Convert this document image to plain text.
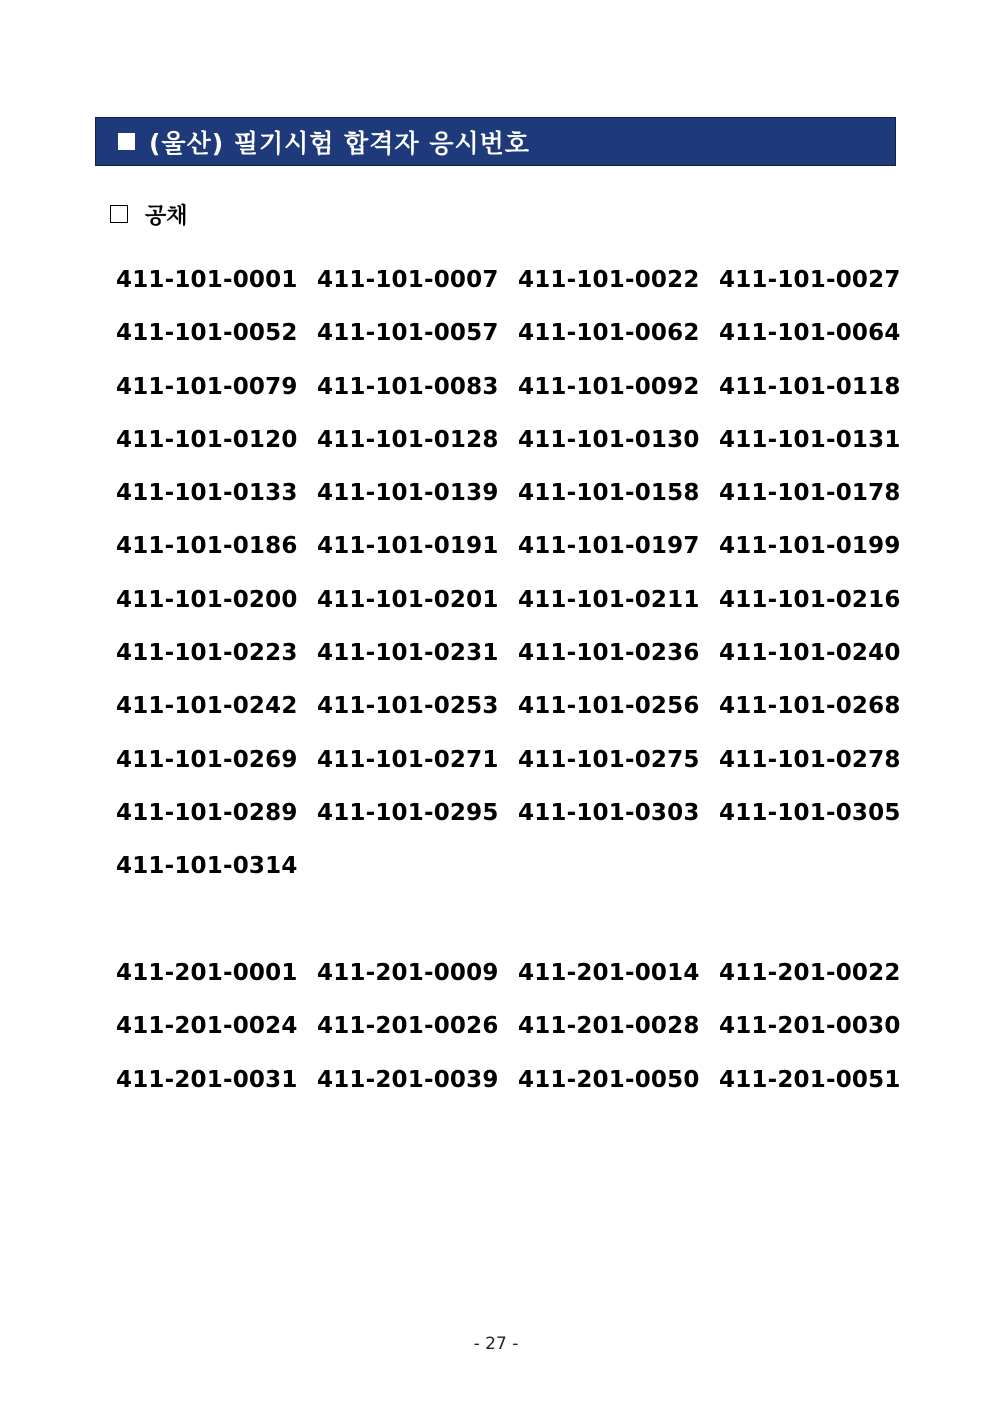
(울산) 필기시험 합격자 응시번호
공채
411-101-0001 411-101-0007 411-101-0022 411-101-0027
411-101-0052 411-101-0057 411-101-0062 411-101-0064
411-101-0079 411-101-0083 411-101-0092 411-101-0118
411-101-0120 411-101-0128 411-101-0130 411-101-0131
411-101-0133 411-101-0139 411-101-0158 411-101-0178
411-101-0186 411-101-0191 411-101-0197 411-101-0199
411-101-0200 411-101-0201 411-101-0211 411-101-0216
411-101-0223 411-101-0231 411-101-0236 411-101-0240
411-101-0242 411-101-0253 411-101-0256 411-101-0268
411-101-0269 411-101-0271 411-101-0275 411-101-0278
411-101-0289 411-101-0295 411-101-0303 411-101-0305
411-101-0314
411-201-0001 411-201-0009 411-201-0014 411-201-0022
411-201-0024 411-201-0026 411-201-0028 411-201-0030
411-201-0031 411-201-0039 411-201-0050 411-201-0051
- 27 -
